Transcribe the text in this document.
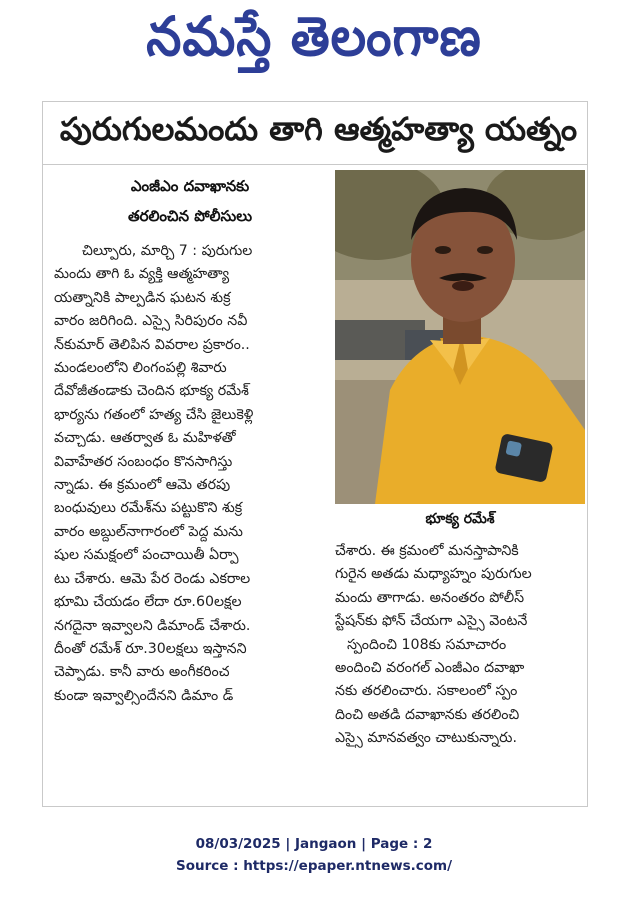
నమస్తే తెలంగాణ
పురుగులమందు తాగి ఆత్మహత్యా యత్నం
ఎంజీఎం దవాఖానకు
తరలించిన పోలీసులు
చిల్పూరు, మార్చి 7 : పురుగుల
మందు తాగి ఓ వ్యక్తి ఆత్మహత్యా
యత్నానికి పాల్పడిన ఘటన శుక్ర
వారం జరిగింది. ఎస్సై సిరిపురం నవీ
న్‌కుమార్ తెలిపిన వివరాల ప్రకారం..
మండలంలోని లింగంపల్లి శివారు
దేవోజీతండాకు చెందిన భూక్య రమేశ్
భార్యను గతంలో హత్య చేసి జైలుకెళ్లి
వచ్చాడు. ఆతర్వాత ఓ మహిళతో
వివాహేతర సంబంధం కొనసాగిస్తు
న్నాడు. ఈ క్రమంలో ఆమె తరపు
బంధువులు రమేశ్‌ను పట్టుకొని శుక్ర
వారం అబ్దుల్‌నాగారంలో పెద్ద మను
షుల సమక్షంలో పంచాయితీ ఏర్పా
టు చేశారు. ఆమె పేర రెండు ఎకరాల
భూమి చేయడం లేదా రూ.60లక్షల
నగదైనా ఇవ్వాలని డిమాండ్ చేశారు.
దీంతో రమేశ్ రూ.30లక్షలు ఇస్తానని
చెప్పాడు. కానీ వారు అంగీకరించ
కుండా ఇవ్వాల్సిందేనని డిమాం డ్
భూక్య రమేశ్
చేశారు. ఈ క్రమంలో మనస్తాపానికి
గురైన అతడు మధ్యాహ్నం పురుగుల
మందు తాగాడు. అనంతరం పోలీస్
స్టేషన్‌కు ఫోన్ చేయగా ఎస్సై వెంటనే
స్పందించి 108కు సమాచారం
అందించి వరంగల్ ఎంజీఎం దవాఖా
నకు తరలించారు. సకాలంలో స్పం
దించి అతడి దవాఖానకు తరలించి
ఎస్సై మానవత్వం చాటుకున్నారు.
08/03/2025 | Jangaon | Page : 2
Source : https://epaper.ntnews.com/
